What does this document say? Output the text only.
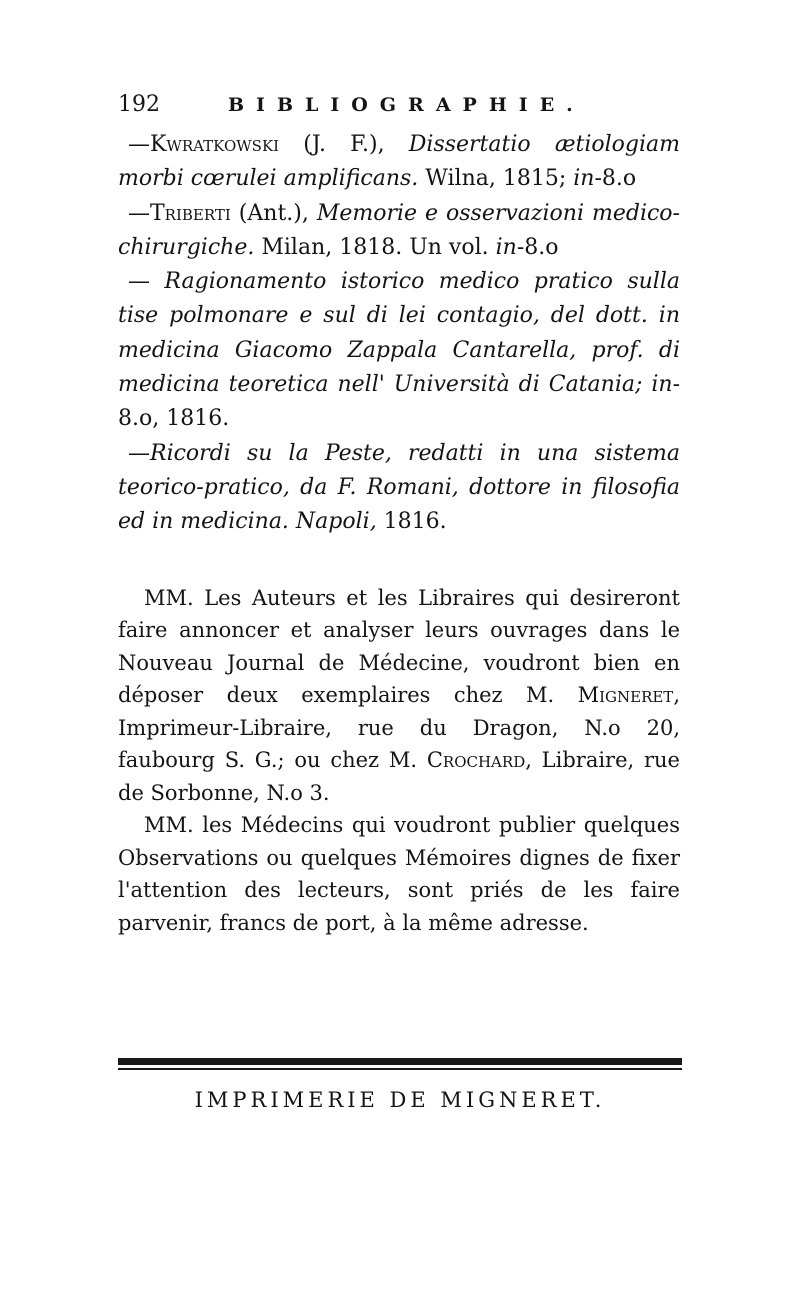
192	BIBLIOGRAPHIE.

—Kwratkowski (J. F.), Dissertatio ætiologiam morbi cœrulei amplificans. Wilna, 1815; in-8.o

—Triberti (Ant.), Memorie e osservazioni medico-chirurgiche. Milan, 1818. Un vol. in-8.o

— Ragionamento istorico medico pratico sulla tise polmonare e sul di lei contagio, del dott. in medicina Giacomo Zappala Cantarella, prof. di medicina teoretica nell' Università di Catania; in-8.o, 1816.

—Ricordi su la Peste, redatti in una sistema teorico-pratico, da F. Romani, dottore in filosofia ed in medicina. Napoli, 1816.

MM. Les Auteurs et les Libraires qui desireront faire annoncer et analyser leurs ouvrages dans le Nouveau Journal de Médecine, voudront bien en déposer deux exemplaires chez M. Migneret, Imprimeur-Libraire, rue du Dragon, N.o 20, faubourg S. G.; ou chez M. Crochard, Libraire, rue de Sorbonne, N.o 3.

MM. les Médecins qui voudront publier quelques Observations ou quelques Mémoires dignes de fixer l'attention des lecteurs, sont priés de les faire parvenir, francs de port, à la même adresse.

IMPRIMERIE DE MIGNERET.
